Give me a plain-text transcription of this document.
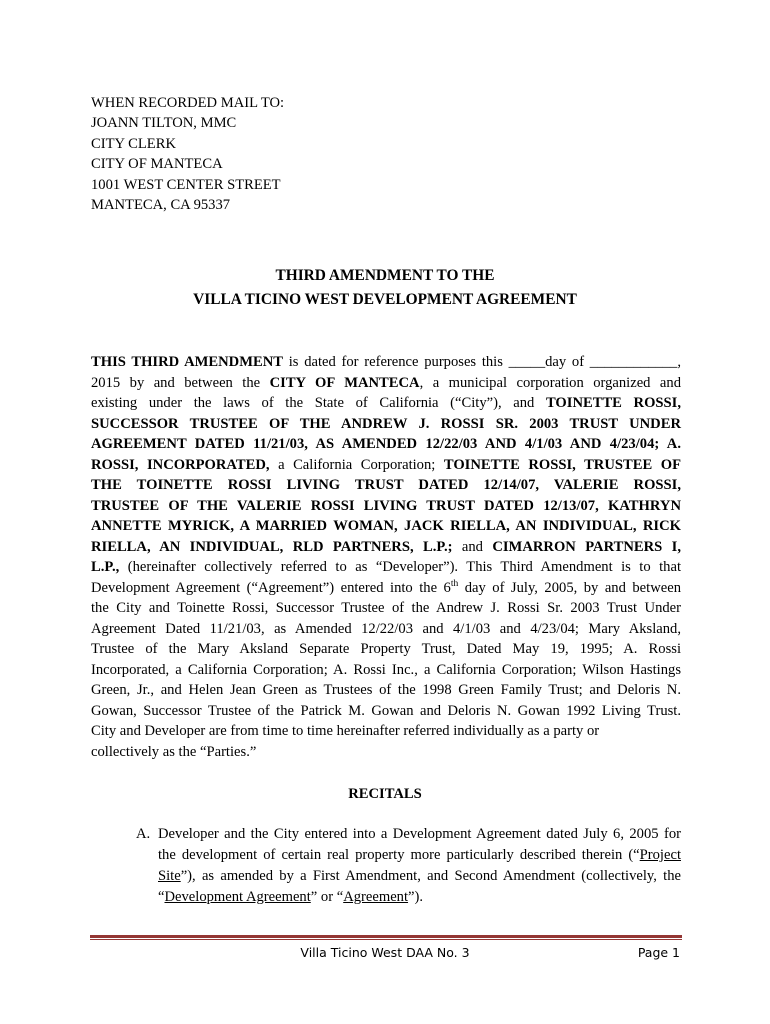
WHEN RECORDED MAIL TO:
JOANN TILTON, MMC
CITY CLERK
CITY OF MANTECA
1001 WEST CENTER STREET
MANTECA, CA 95337
THIRD AMENDMENT TO THE
VILLA TICINO WEST DEVELOPMENT AGREEMENT
THIS THIRD AMENDMENT is dated for reference purposes this _____day of ____________,
2015 by and between the CITY OF MANTECA, a municipal corporation organized and
existing under the laws of the State of California (“City”), and TOINETTE ROSSI,
SUCCESSOR TRUSTEE OF THE ANDREW J. ROSSI SR. 2003 TRUST UNDER
AGREEMENT DATED 11/21/03, AS AMENDED 12/22/03 AND 4/1/03 AND 4/23/04; A.
ROSSI, INCORPORATED, a California Corporation; TOINETTE ROSSI, TRUSTEE OF
THE TOINETTE ROSSI LIVING TRUST DATED 12/14/07, VALERIE ROSSI,
TRUSTEE OF THE VALERIE ROSSI LIVING TRUST DATED 12/13/07, KATHRYN
ANNETTE MYRICK, A MARRIED WOMAN, JACK RIELLA, AN INDIVIDUAL, RICK
RIELLA, AN INDIVIDUAL, RLD PARTNERS, L.P.; and CIMARRON PARTNERS I,
L.P., (hereinafter collectively referred to as “Developer”). This Third Amendment is to that
Development Agreement (“Agreement”) entered into the 6th day of July, 2005, by and between
the City and Toinette Rossi, Successor Trustee of the Andrew J. Rossi Sr. 2003 Trust Under
Agreement Dated 11/21/03, as Amended 12/22/03 and 4/1/03 and 4/23/04; Mary Aksland,
Trustee of the Mary Aksland Separate Property Trust, Dated May 19, 1995; A. Rossi
Incorporated, a California Corporation; A. Rossi Inc., a California Corporation; Wilson Hastings
Green, Jr., and Helen Jean Green as Trustees of the 1998 Green Family Trust; and Deloris N.
Gowan, Successor Trustee of the Patrick M. Gowan and Deloris N. Gowan 1992 Living Trust.
City and Developer are from time to time hereinafter referred individually as a party or
collectively as the “Parties.”
RECITALS
A. Developer and the City entered into a Development Agreement dated July 6, 2005 for
the development of certain real property more particularly described therein (“Project
Site”), as amended by a First Amendment, and Second Amendment (collectively, the
“Development Agreement” or “Agreement”).
Villa Ticino West DAA No. 3	Page 1
